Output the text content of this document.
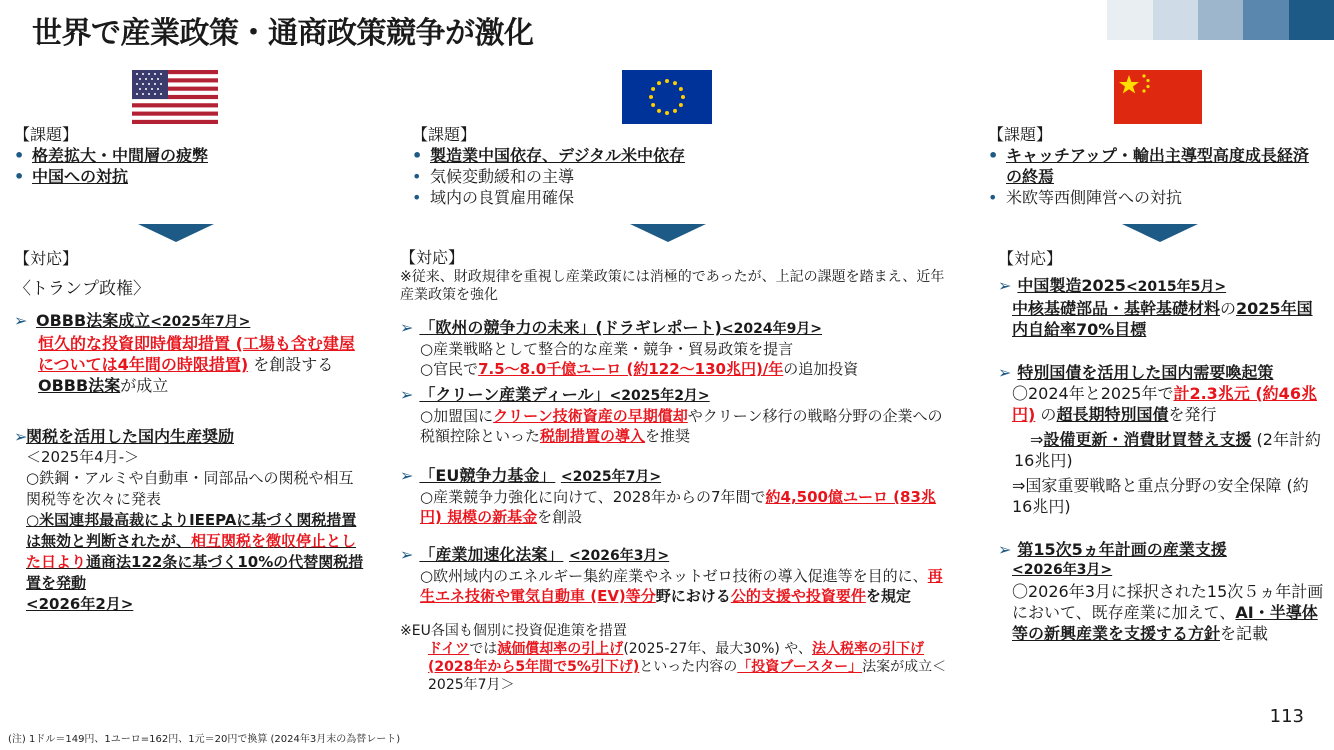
世界で産業政策・通商政策競争が激化
【課題】
• 格差拡大・中間層の疲弊
• 中国への対抗
【対応】
〈トランプ政権〉
➢ OBBB法案成立<2025年7月>
恒久的な投資即時償却措置 (工場も含む建屋については4年間の時限措置) を創設するOBBB法案が成立
➢
関税を活用した国内生産奨励
＜2025年4月-＞
○鉄鋼・アルミや自動車・同部品への関税や相互関税等を次々に発表
○米国連邦最高裁によりIEEPAに基づく関税措置は無効と判断されたが、相互関税を徴収停止とした日より通商法122条に基づく10%の代替関税措置を発動
<2026年2月>
【課題】
• 製造業中国依存、デジタル米中依存
• 気候変動緩和の主導
• 域内の良質雇用確保
【対応】
※従来、財政規律を重視し産業政策には消極的であったが、上記の課題を踏まえ、近年産業政策を強化
➢ 「欧州の競争力の未来」(ドラギレポート)<2024年9月>
○産業戦略として整合的な産業・競争・貿易政策を提言
○官民で7.5～8.0千億ユーロ (約122～130兆円)/年の追加投資
➢ 「クリーン産業ディール」<2025年2月>
○加盟国にクリーン技術資産の早期償却やクリーン移行の戦略分野の企業への税額控除といった税制措置の導入を推奨
➢ 「EU競争力基金」 <2025年7月>
○産業競争力強化に向けて、2028年からの7年間で約4,500億ユーロ (83兆円) 規模の新基金を創設
➢ 「産業加速化法案」 <2026年3月>
○欧州域内のエネルギー集約産業やネットゼロ技術の導入促進等を目的に、再生エネ技術や電気自動車 (EV)等分野における公的支援や投資要件を規定
※EU各国も個別に投資促進策を措置
ドイツでは減価償却率の引上げ(2025-27年、最大30%) や、法人税率の引下げ (2028年から5年間で5%引下げ)といった内容の「投資ブースター」法案が成立＜2025年7月＞
【課題】
• キャッチアップ・輸出主導型高度成長経済の終焉
• 米欧等西側陣営への対抗
【対応】
➢ 中国製造2025<2015年5月>
中核基礎部品・基幹基礎材料の2025年国内自給率70%目標
➢ 特別国債を活用した国内需要喚起策
〇2024年と2025年で計2.3兆元 (約46兆円) の超長期特別国債を発行
⇒設備更新・消費財買替え支援 (2年計約16兆円)
⇒国家重要戦略と重点分野の安全保障 (約16兆円)
➢ 第15次5ヵ年計画の産業支援
<2026年3月>
〇2026年3月に採択された15次５ヵ年計画において、既存産業に加えて、AI・半導体等の新興産業を支援する方針を記載
113
(注) 1ドル＝149円、1ユーロ=162円、1元＝20円で換算 (2024年3月末の為替レート)
